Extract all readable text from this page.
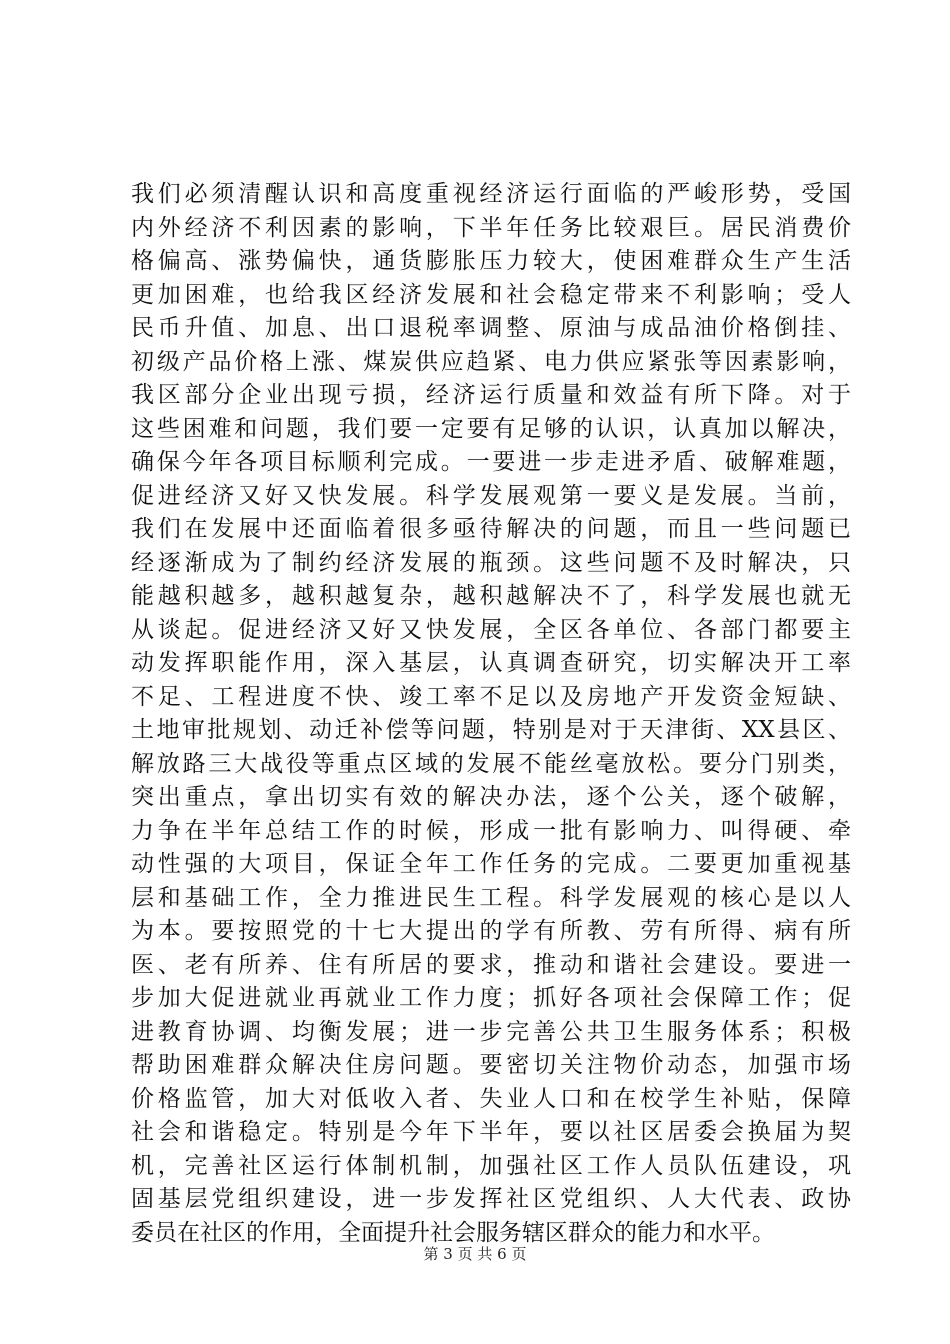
我们必须清醒认识和高度重视经济运行面临的严峻形势，受国
内外经济不利因素的影响，下半年任务比较艰巨。居民消费价
格偏高、涨势偏快，通货膨胀压力较大，使困难群众生产生活
更加困难，也给我区经济发展和社会稳定带来不利影响；受人
民币升值、加息、出口退税率调整、原油与成品油价格倒挂、
初级产品价格上涨、煤炭供应趋紧、电力供应紧张等因素影响，
我区部分企业出现亏损，经济运行质量和效益有所下降。对于
这些困难和问题，我们要一定要有足够的认识，认真加以解决，
确保今年各项目标顺利完成。一要进一步走进矛盾、破解难题，
促进经济又好又快发展。科学发展观第一要义是发展。当前，
我们在发展中还面临着很多亟待解决的问题，而且一些问题已
经逐渐成为了制约经济发展的瓶颈。这些问题不及时解决，只
能越积越多，越积越复杂，越积越解决不了，科学发展也就无
从谈起。促进经济又好又快发展，全区各单位、各部门都要主
动发挥职能作用，深入基层，认真调查研究，切实解决开工率
不足、工程进度不快、竣工率不足以及房地产开发资金短缺、
土地审批规划、动迁补偿等问题，特别是对于天津街、XX县区、
解放路三大战役等重点区域的发展不能丝毫放松。要分门别类，
突出重点，拿出切实有效的解决办法，逐个公关，逐个破解，
力争在半年总结工作的时候，形成一批有影响力、叫得硬、牵
动性强的大项目，保证全年工作任务的完成。二要更加重视基
层和基础工作，全力推进民生工程。科学发展观的核心是以人
为本。要按照党的十七大提出的学有所教、劳有所得、病有所
医、老有所养、住有所居的要求，推动和谐社会建设。要进一
步加大促进就业再就业工作力度；抓好各项社会保障工作；促
进教育协调、均衡发展；进一步完善公共卫生服务体系；积极
帮助困难群众解决住房问题。要密切关注物价动态，加强市场
价格监管，加大对低收入者、失业人口和在校学生补贴，保障
社会和谐稳定。特别是今年下半年，要以社区居委会换届为契
机，完善社区运行体制机制，加强社区工作人员队伍建设，巩
固基层党组织建设，进一步发挥社区党组织、人大代表、政协
委员在社区的作用，全面提升社会服务辖区群众的能力和水平。
第 3 页 共 6 页
